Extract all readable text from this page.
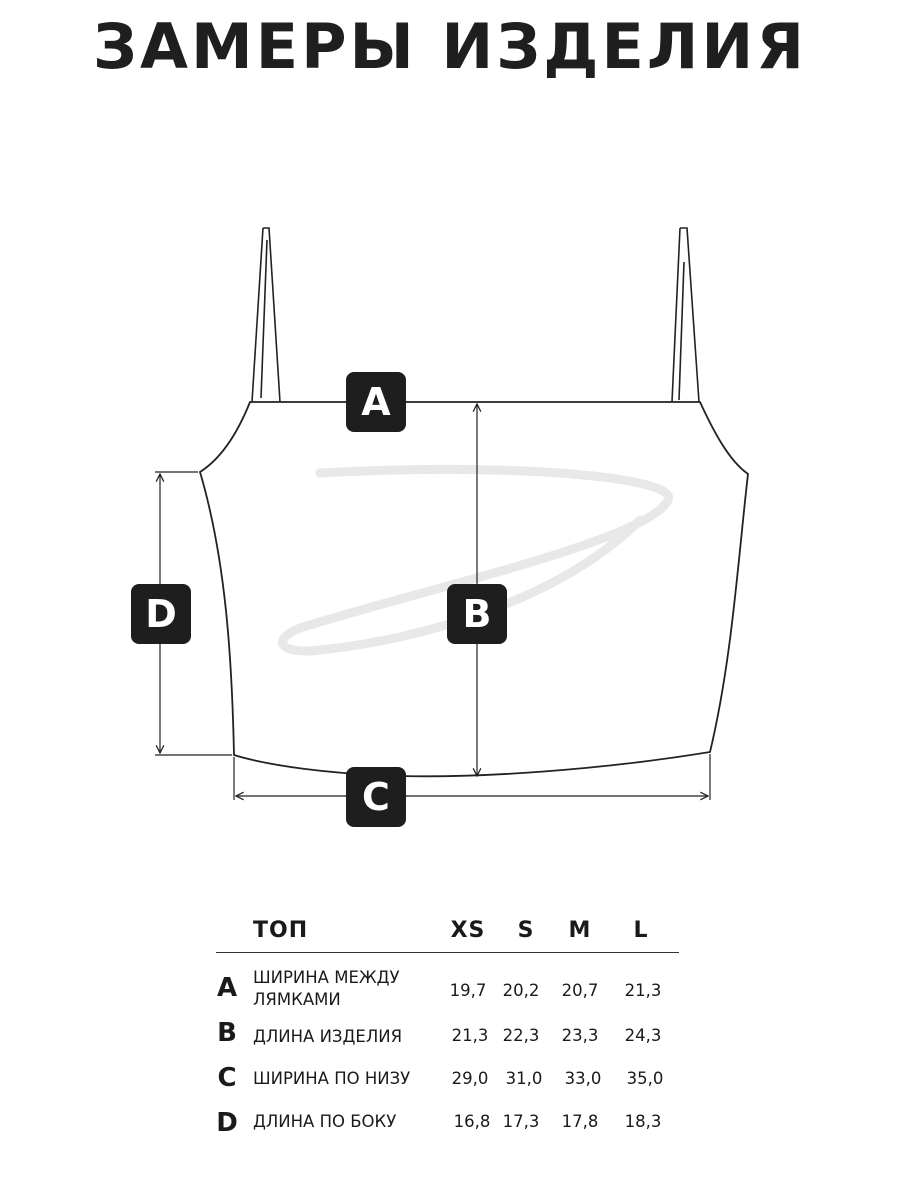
ЗАМЕРЫ ИЗДЕЛИЯ
A
B
C
D
ТОП	XS	S	M	L
A ШИРИНА МЕЖДУ
ЛЯМКАМИ	19,7 20,2	20,7	21,3
B ДЛИНА ИЗДЕЛИЯ	21,3 22,3	23,3	24,3
C ШИРИНА ПО НИЗУ	29,0	31,0	33,0	35,0
D ДЛИНА ПО БОКУ	16,8 17,3	17,8	18,3
